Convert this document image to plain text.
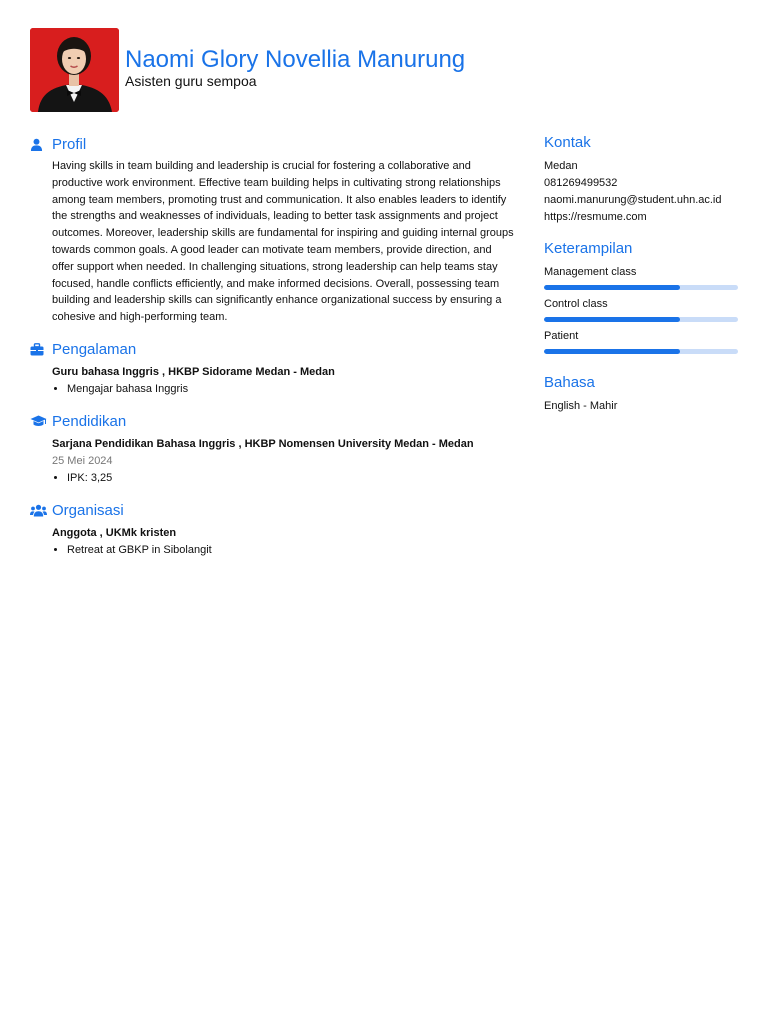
Naomi Glory Novellia Manurung
Asisten guru sempoa
Profil
Having skills in team building and leadership is crucial for fostering a collaborative and productive work environment. Effective team building helps in cultivating strong relationships among team members, promoting trust and communication. It also enables leaders to identify the strengths and weaknesses of individuals, leading to better task assignments and project outcomes. Moreover, leadership skills are fundamental for inspiring and guiding internal groups towards common goals. A good leader can motivate team members, provide direction, and offer support when needed. In challenging situations, strong leadership can help teams stay focused, handle conflicts efficiently, and make informed decisions. Overall, possessing team building and leadership skills can significantly enhance organizational success by ensuring a cohesive and high-performing team.
Pengalaman
Guru bahasa Inggris , HKBP Sidorame Medan - Medan
• Mengajar bahasa Inggris
Pendidikan
Sarjana Pendidikan Bahasa Inggris , HKBP Nomensen University Medan - Medan
25 Mei 2024
• IPK: 3,25
Organisasi
Anggota , UKMk kristen
• Retreat at GBKP in Sibolangit
Kontak
Medan
081269499532
naomi.manurung@student.uhn.ac.id
https://resmume.com
Keterampilan
Management class
Control class
Patient
Bahasa
English - Mahir
